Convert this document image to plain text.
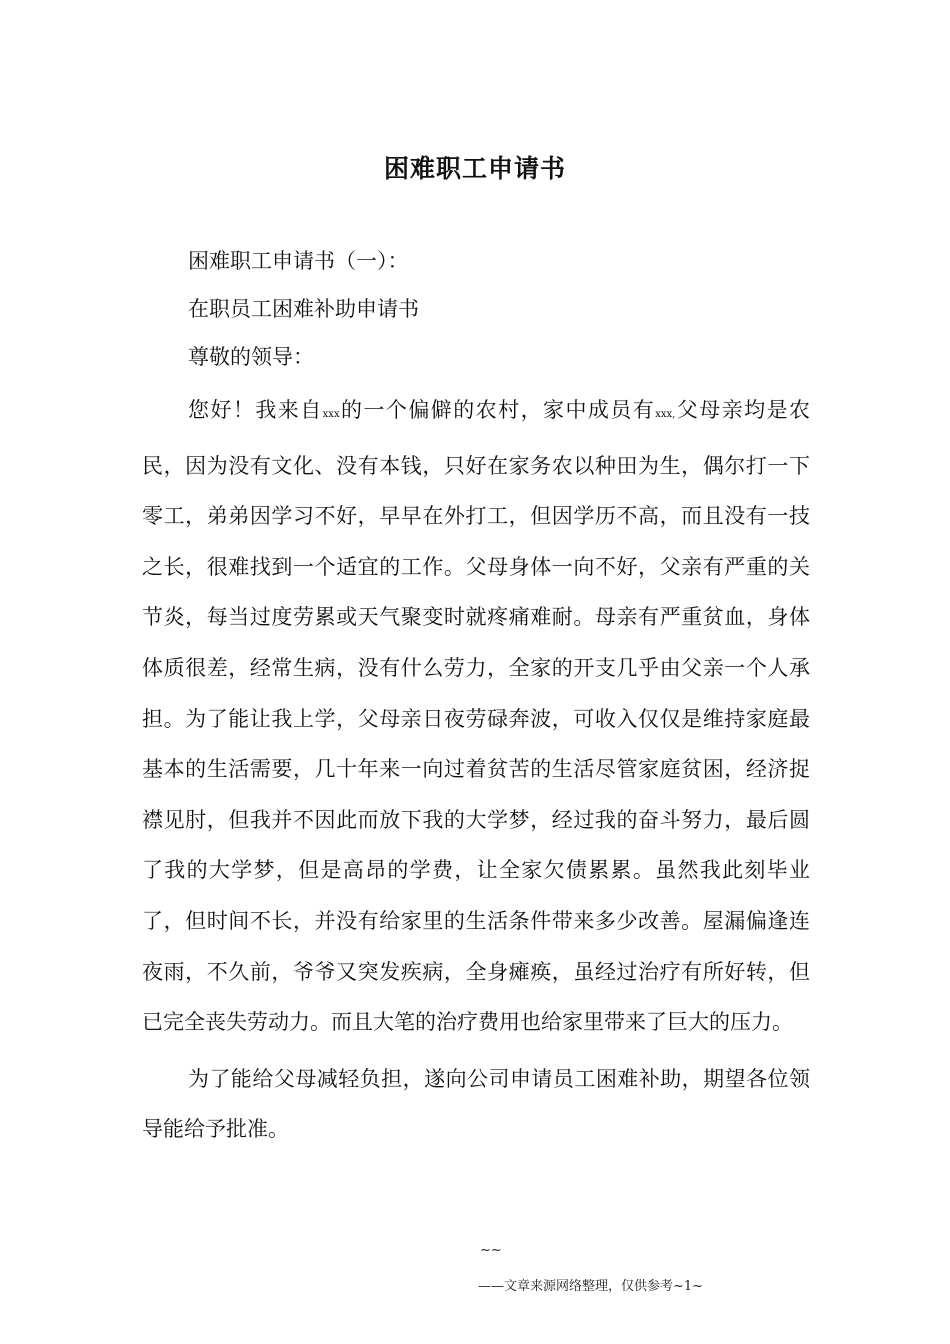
困难职工申请书

困难职工申请书（一）：

在职员工困难补助申请书

尊敬的领导：

您好！我来自xxx的一个偏僻的农村，家中成员有xxx,父母亲均是农民，因为没有文化、没有本钱，只好在家务农以种田为生，偶尔打一下零工，弟弟因学习不好，早早在外打工，但因学历不高，而且没有一技之长，很难找到一个适宜的工作。父母身体一向不好，父亲有严重的关节炎，每当过度劳累或天气聚变时就疼痛难耐。母亲有严重贫血，身体体质很差，经常生病，没有什么劳力，全家的开支几乎由父亲一个人承担。为了能让我上学，父母亲日夜劳碌奔波，可收入仅仅是维持家庭最基本的生活需要，几十年来一向过着贫苦的生活尽管家庭贫困，经济捉襟见肘，但我并不因此而放下我的大学梦，经过我的奋斗努力，最后圆了我的大学梦，但是高昂的学费，让全家欠债累累。虽然我此刻毕业了，但时间不长，并没有给家里的生活条件带来多少改善。屋漏偏逢连夜雨，不久前，爷爷又突发疾病，全身瘫痪，虽经过治疗有所好转，但已完全丧失劳动力。而且大笔的治疗费用也给家里带来了巨大的压力。

为了能给父母减轻负担，遂向公司申请员工困难补助，期望各位领导能给予批准。

~~
——文章来源网络整理，仅供参考~1~
